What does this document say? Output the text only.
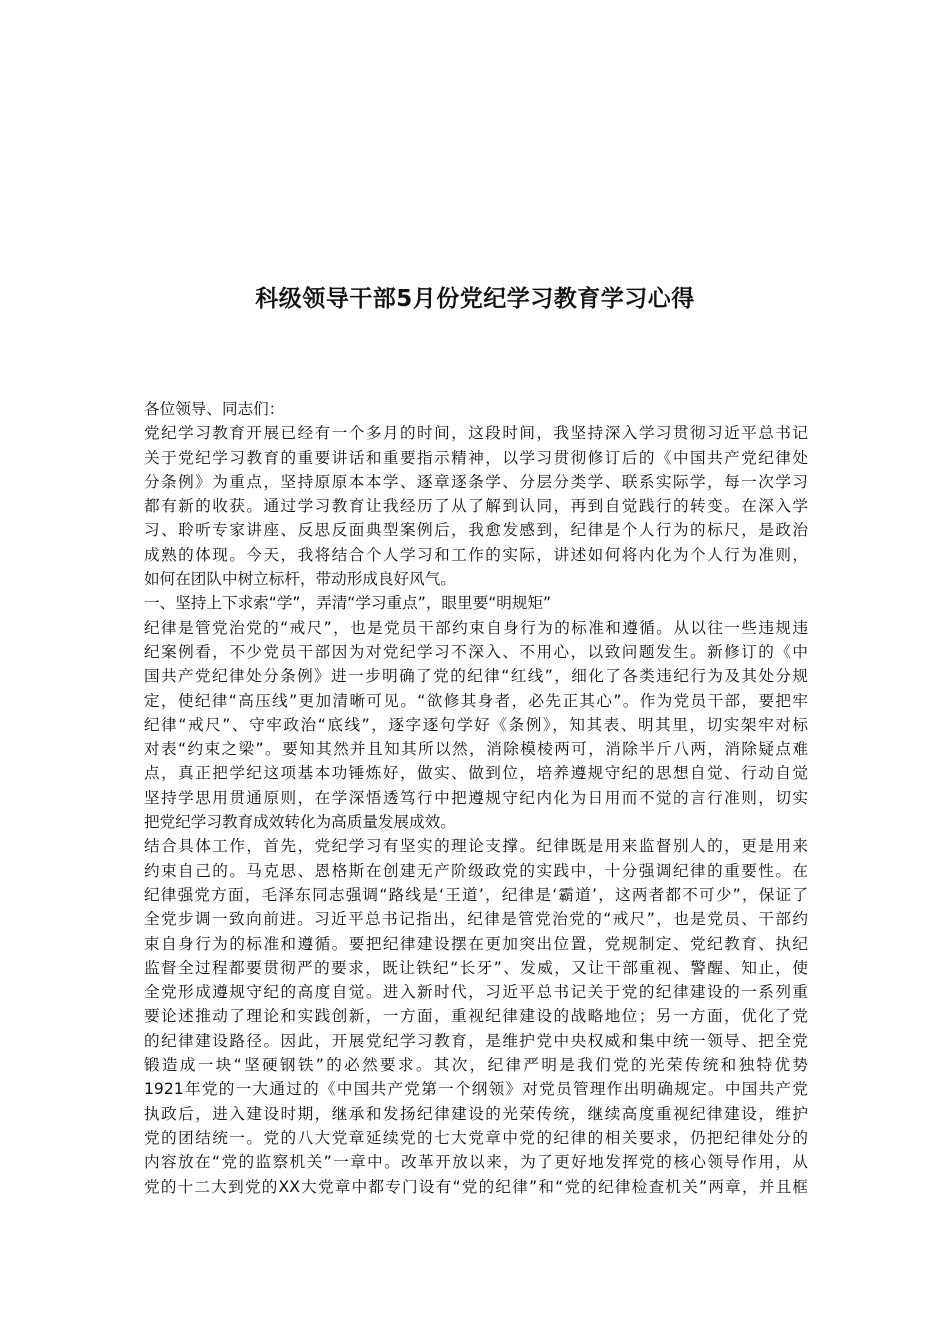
科级领导干部5月份党纪学习教育学习心得
各位领导、同志们：
党纪学习教育开展已经有一个多月的时间，这段时间，我坚持深入学习贯彻习近平总书记
关于党纪学习教育的重要讲话和重要指示精神，以学习贯彻修订后的《中国共产党纪律处
分条例》为重点，坚持原原本本学、逐章逐条学、分层分类学、联系实际学，每一次学习
都有新的收获。通过学习教育让我经历了从了解到认同，再到自觉践行的转变。在深入学
习、聆听专家讲座、反思反面典型案例后，我愈发感到，纪律是个人行为的标尺，是政治
成熟的体现。今天，我将结合个人学习和工作的实际，讲述如何将内化为个人行为准则，
如何在团队中树立标杆，带动形成良好风气。
一、坚持上下求索“学”，弄清“学习重点”，眼里要“明规矩”
纪律是管党治党的“戒尺”，也是党员干部约束自身行为的标准和遵循。从以往一些违规违
纪案例看，不少党员干部因为对党纪学习不深入、不用心，以致问题发生。新修订的《中
国共产党纪律处分条例》进一步明确了党的纪律“红线”，细化了各类违纪行为及其处分规
定，使纪律“高压线”更加清晰可见。“欲修其身者，必先正其心”。作为党员干部，要把牢
纪律“戒尺”、守牢政治“底线”，逐字逐句学好《条例》，知其表、明其里，切实架牢对标
对表“约束之梁”。要知其然并且知其所以然，消除模棱两可，消除半斤八两，消除疑点难
点，真正把学纪这项基本功锤炼好，做实、做到位，培养遵规守纪的思想自觉、行动自觉
坚持学思用贯通原则，在学深悟透笃行中把遵规守纪内化为日用而不觉的言行准则，切实
把党纪学习教育成效转化为高质量发展成效。
结合具体工作，首先，党纪学习有坚实的理论支撑。纪律既是用来监督别人的，更是用来
约束自己的。马克思、恩格斯在创建无产阶级政党的实践中，十分强调纪律的重要性。在
纪律强党方面，毛泽东同志强调“路线是‘王道’，纪律是‘霸道’，这两者都不可少”，保证了
全党步调一致向前进。习近平总书记指出，纪律是管党治党的“戒尺”，也是党员、干部约
束自身行为的标准和遵循。要把纪律建设摆在更加突出位置，党规制定、党纪教育、执纪
监督全过程都要贯彻严的要求，既让铁纪“长牙”、发威，又让干部重视、警醒、知止，使
全党形成遵规守纪的高度自觉。进入新时代，习近平总书记关于党的纪律建设的一系列重
要论述推动了理论和实践创新，一方面，重视纪律建设的战略地位；另一方面，优化了党
的纪律建设路径。因此，开展党纪学习教育，是维护党中央权威和集中统一领导、把全党
锻造成一块“坚硬钢铁”的必然要求。其次，纪律严明是我们党的光荣传统和独特优势
1921年党的一大通过的《中国共产党第一个纲领》对党员管理作出明确规定。中国共产党
执政后，进入建设时期，继承和发扬纪律建设的光荣传统，继续高度重视纪律建设，维护
党的团结统一。党的八大党章延续党的七大党章中党的纪律的相关要求，仍把纪律处分的
内容放在“党的监察机关”一章中。改革开放以来，为了更好地发挥党的核心领导作用，从
党的十二大到党的XX大党章中都专门设有“党的纪律”和“党的纪律检查机关”两章，并且框
